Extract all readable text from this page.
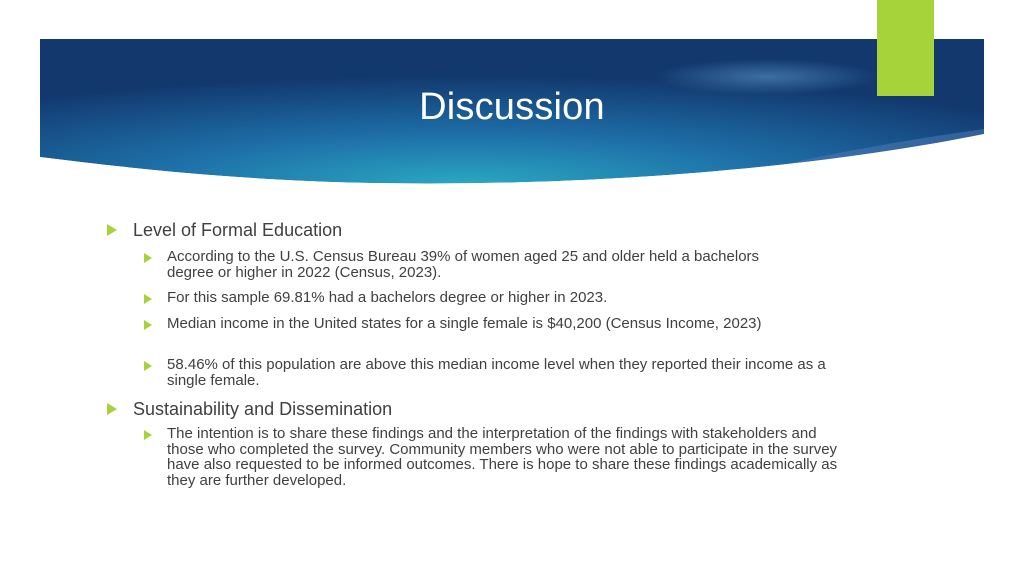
Discussion

Level of Formal Education

According to the U.S. Census Bureau 39% of women aged 25 and older held a bachelors degree or higher in 2022 (Census, 2023).

For this sample 69.81% had a bachelors degree or higher in 2023.

Median income in the United states for a single female is $40,200 (Census Income, 2023)

58.46% of this population are above this median income level when they reported their income as a single female.

Sustainability and Dissemination

The intention is to share these findings and the interpretation of the findings with stakeholders and those who completed the survey. Community members who were not able to participate in the survey have also requested to be informed outcomes. There is hope to share these findings academically as they are further developed.
